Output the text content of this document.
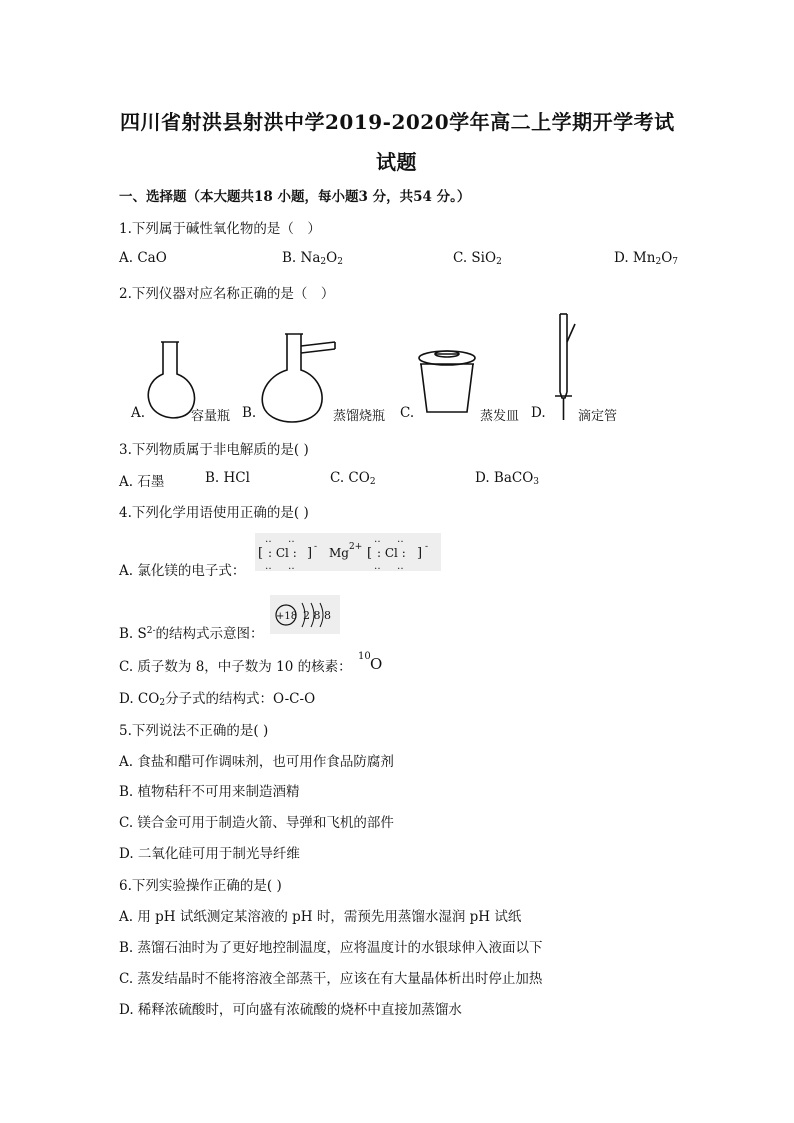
四川省射洪县射洪中学2019-2020学年高二上学期开学考试
试题
一、选择题（本大题共18 小题，每小题3 分，共54 分。）
1.下列属于碱性氧化物的是（　）
A. CaO	B. $Na_2O_2$	C. SiO$_2$	D. $Mn_2O_7$
2.下列仪器对应名称正确的是（　）
A.	容量瓶 B.	蒸馏烧瓶 C.	蒸发皿 D. 滴定管
3.下列物质属于非电解质的是( )
A. 石墨	B. HCl	C. $CO_2$	D. BaCO$_3$
4.下列化学用语使用正确的是( )
A. 氯化镁的电子式：
‥ ‥
[ : Cl : ] - Mg 2+ [ : Cl : ] -
‥ ‥
‥ ‥
‥ ‥
B. $S^{2-}$的结构式示意图：
+18 2 8 8
C. 质子数为 8，中子数为 10 的核素：
10 O
D. $CO_2$分子式的结构式：O-C-O
5.下列说法不正确的是( )
A. 食盐和醋可作调味剂，也可用作食品防腐剂
B. 植物秸秆不可用来制造酒精
C. 镁合金可用于制造火箭、导弹和飞机的部件
D. 二氧化硅可用于制光导纤维
6.下列实验操作正确的是( )
A. 用 pH 试纸测定某溶液的 pH 时，需预先用蒸馏水湿润 pH 试纸
B. 蒸馏石油时为了更好地控制温度，应将温度计的水银球伸入液面以下
C. 蒸发结晶时不能将溶液全部蒸干，应该在有大量晶体析出时停止加热
D. 稀释浓硫酸时，可向盛有浓硫酸的烧杯中直接加蒸馏水
